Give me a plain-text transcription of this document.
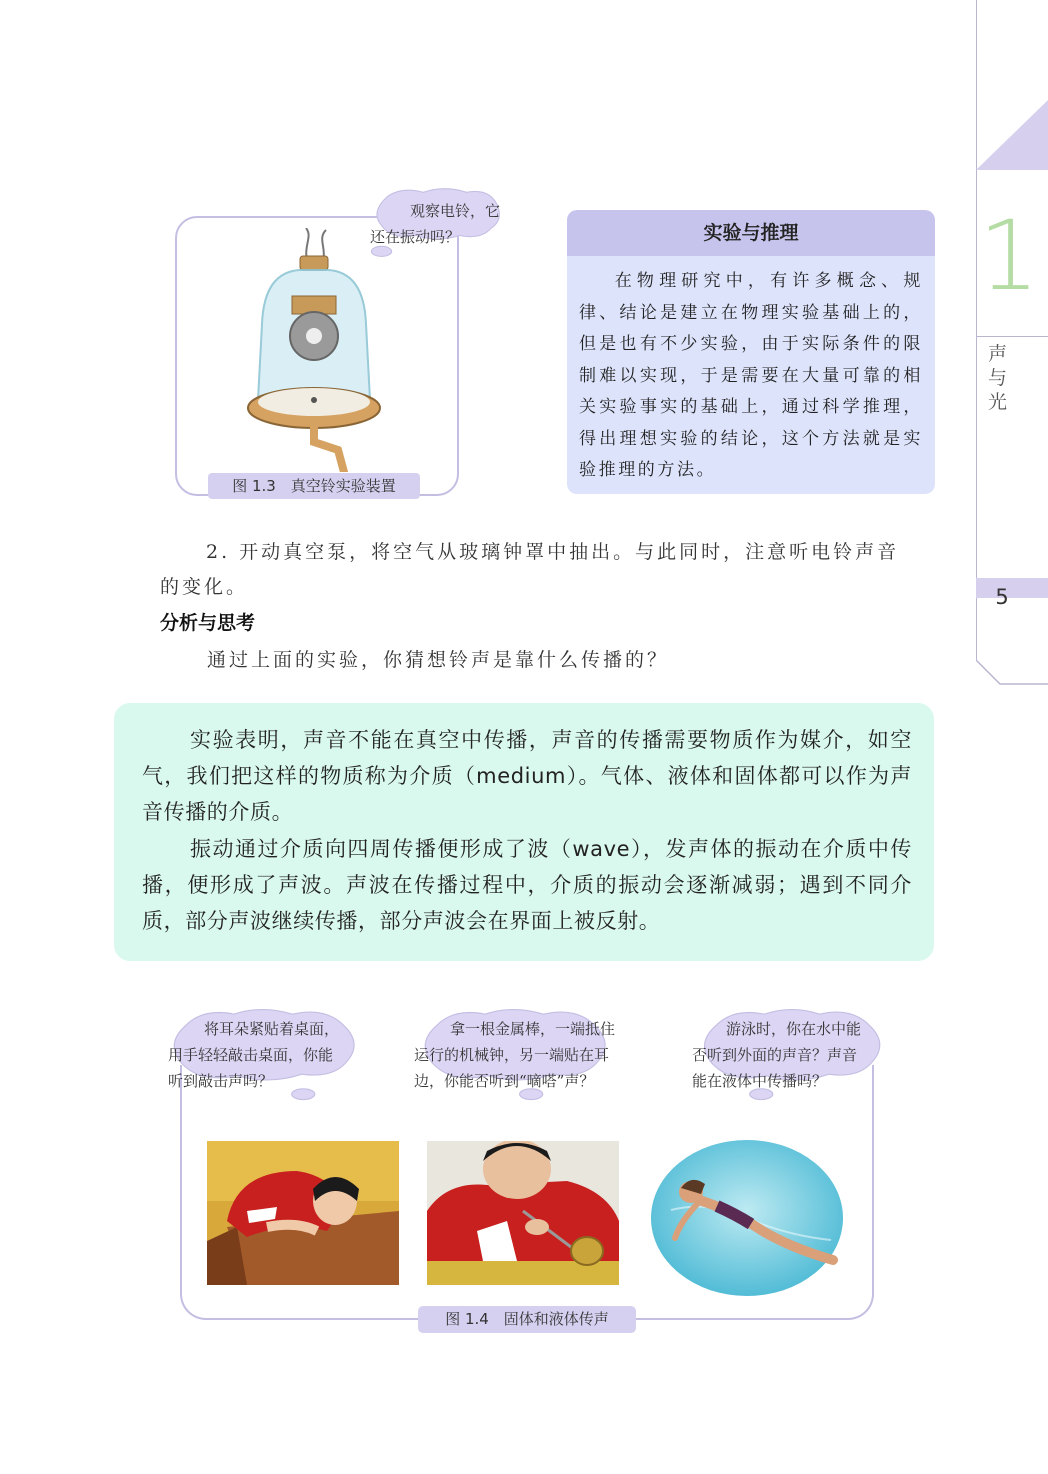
1
声与光
5
观察电铃，它
还在振动吗？
图 1.3　真空铃实验装置
实验与推理
在物理研究中，有许多概念、规律、结论是建立在物理实验基础上的，但是也有不少实验，由于实际条件的限制难以实现，于是需要在大量可靠的相关实验事实的基础上，通过科学推理，得出理想实验的结论，这个方法就是实验推理的方法。
2. 开动真空泵，将空气从玻璃钟罩中抽出。与此同时，注意听电铃声音的变化。
分析与思考
通过上面的实验，你猜想铃声是靠什么传播的？
实验表明，声音不能在真空中传播，声音的传播需要物质作为媒介，如空气，我们把这样的物质称为介质（medium）。气体、液体和固体都可以作为声音传播的介质。
振动通过介质向四周传播便形成了波（wave），发声体的振动在介质中传播，便形成了声波。声波在传播过程中，介质的振动会逐渐减弱；遇到不同介质，部分声波继续传播，部分声波会在界面上被反射。
将耳朵紧贴着桌面，
用手轻轻敲击桌面，你能
听到敲击声吗？
拿一根金属棒，一端抵住
运行的机械钟，另一端贴在耳
边，你能否听到“嘀嗒”声？
游泳时，你在水中能
否听到外面的声音？声音
能在液体中传播吗？
图 1.4　固体和液体传声
